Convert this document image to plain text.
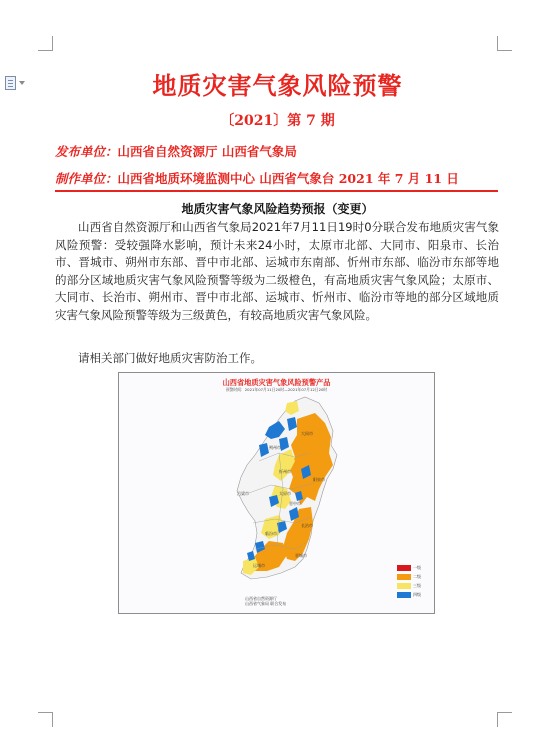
地质灾害气象风险预警
〔2021〕第 7 期
发布单位：山西省自然资源厅 山西省气象局
制作单位：山西省地质环境监测中心 山西省气象台 2021 年 7 月 11 日
地质灾害气象风险趋势预报（变更）
山西省自然资源厅和山西省气象局2021年7月11日19时0分联合发布地质灾害气象风险预警：受较强降水影响，预计未来24小时，太原市北部、大同市、阳泉市、长治市、晋城市、朔州市东部、晋中市北部、运城市东南部、忻州市东部、临汾市东部等地的部分区域地质灾害气象风险预警等级为二级橙色，有高地质灾害气象风险；太原市、大同市、长治市、朔州市、晋中市北部、运城市、忻州市、临汾市等地的部分区域地质灾害气象风险预警等级为三级黄色，有较高地质灾害气象风险。
请相关部门做好地质灾害防治工作。
山西省地质灾害气象风险预警产品
预警时间：2021年07月11日20时—2021年07月12日20时
大同市
朔州市
忻州市
太原市
阳泉市
吕梁市
晋中市
长治市
临汾市
晋城市
运城市	一级
二级
三级
四级
山西省自然资源厅
山西省气象局 联合发布
